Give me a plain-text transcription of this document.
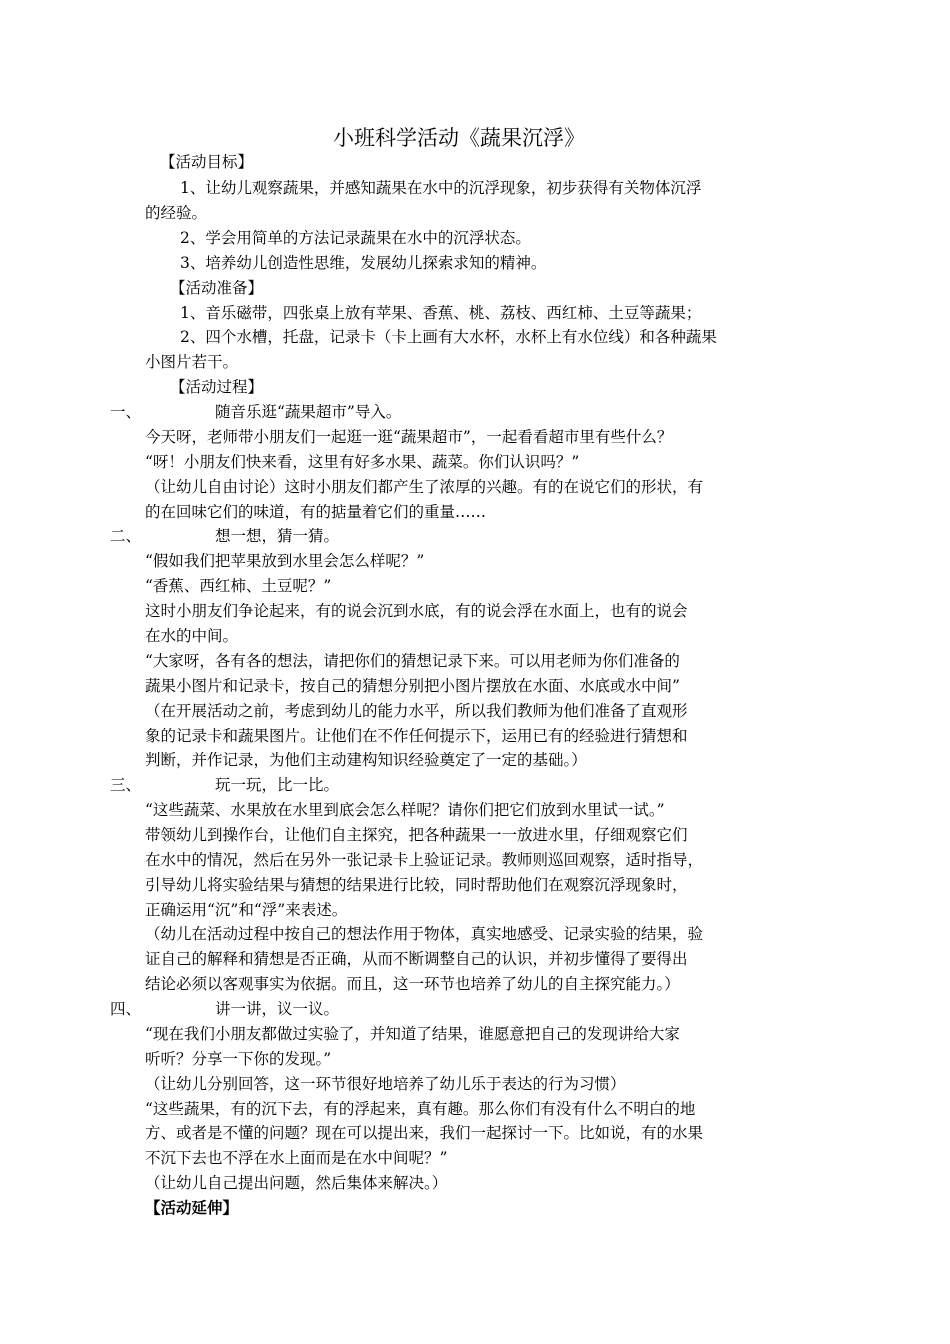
小班科学活动《蔬果沉浮》
【活动目标】
1、让幼儿观察蔬果，并感知蔬果在水中的沉浮现象，初步获得有关物体沉浮
的经验。
2、学会用简单的方法记录蔬果在水中的沉浮状态。
3、培养幼儿创造性思维，发展幼儿探索求知的精神。
【活动准备】
1、音乐磁带，四张桌上放有苹果、香蕉、桃、荔枝、西红柿、土豆等蔬果；
2、四个水槽，托盘，记录卡（卡上画有大水杯，水杯上有水位线）和各种蔬果
小图片若干。
【活动过程】
一、	随音乐逛“蔬果超市”导入。
今天呀，老师带小朋友们一起逛一逛“蔬果超市”，一起看看超市里有些什么？
“呀！小朋友们快来看，这里有好多水果、蔬菜。你们认识吗？”
（让幼儿自由讨论）这时小朋友们都产生了浓厚的兴趣。有的在说它们的形状，有
的在回味它们的味道，有的掂量着它们的重量……
二、	想一想，猜一猜。
“假如我们把苹果放到水里会怎么样呢？”
“香蕉、西红柿、土豆呢？”
这时小朋友们争论起来，有的说会沉到水底，有的说会浮在水面上，也有的说会
在水的中间。
“大家呀，各有各的想法，请把你们的猜想记录下来。可以用老师为你们准备的
蔬果小图片和记录卡，按自己的猜想分别把小图片摆放在水面、水底或水中间”
（在开展活动之前，考虑到幼儿的能力水平，所以我们教师为他们准备了直观形
象的记录卡和蔬果图片。让他们在不作任何提示下，运用已有的经验进行猜想和
判断，并作记录，为他们主动建构知识经验奠定了一定的基础。）
三、	玩一玩，比一比。
“这些蔬菜、水果放在水里到底会怎么样呢？请你们把它们放到水里试一试。”
带领幼儿到操作台，让他们自主探究，把各种蔬果一一放进水里，仔细观察它们
在水中的情况，然后在另外一张记录卡上验证记录。教师则巡回观察，适时指导，
引导幼儿将实验结果与猜想的结果进行比较，同时帮助他们在观察沉浮现象时，
正确运用“沉”和“浮”来表述。
（幼儿在活动过程中按自己的想法作用于物体，真实地感受、记录实验的结果，验
证自己的解释和猜想是否正确，从而不断调整自己的认识，并初步懂得了要得出
结论必须以客观事实为依据。而且，这一环节也培养了幼儿的自主探究能力。）
四、	讲一讲，议一议。
“现在我们小朋友都做过实验了，并知道了结果，谁愿意把自己的发现讲给大家
听听？分享一下你的发现。”
（让幼儿分别回答，这一环节很好地培养了幼儿乐于表达的行为习惯）
“这些蔬果，有的沉下去，有的浮起来，真有趣。那么你们有没有什么不明白的地
方、或者是不懂的问题？现在可以提出来，我们一起探讨一下。比如说，有的水果
不沉下去也不浮在水上面而是在水中间呢？”
（让幼儿自己提出问题，然后集体来解决。）
【活动延伸】
